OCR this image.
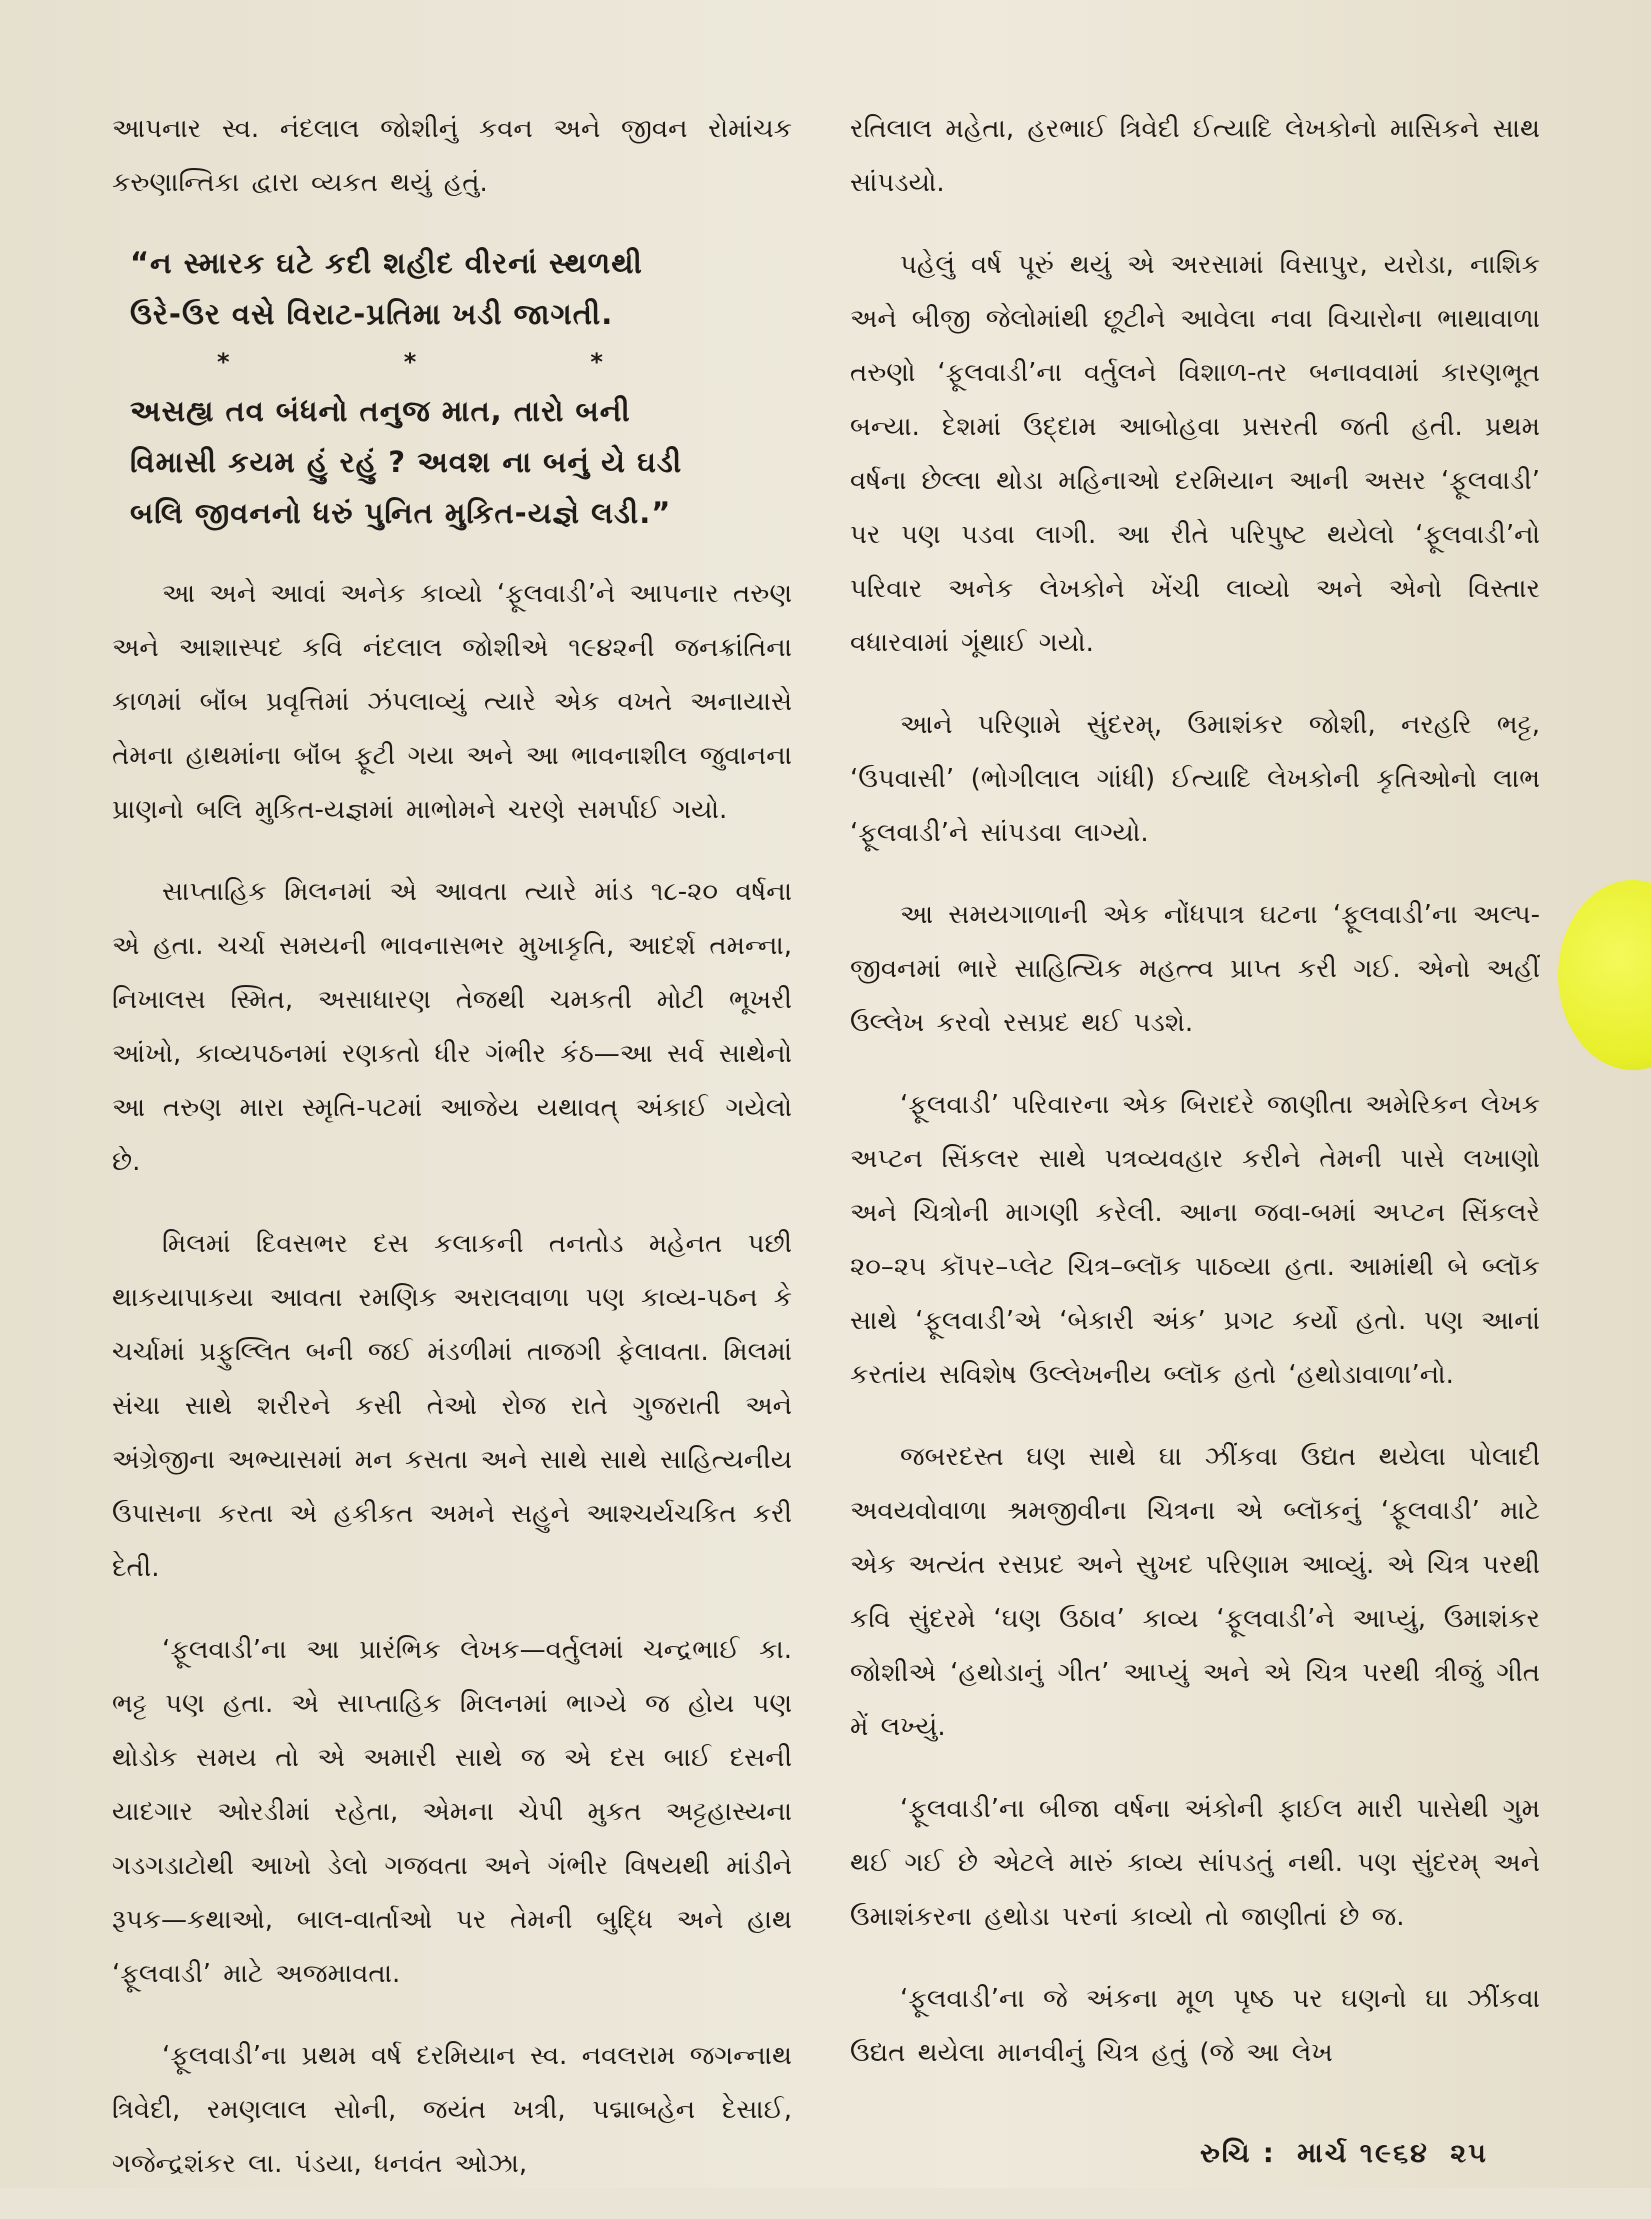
આપનાર સ્વ. નંદલાલ જોશીનું કવન અને જીવન રોમાંચક કરુણાન્તિકા દ્વારા વ્યકત થયું હતું.

“ન સ્મારક ઘટે કદી શહીદ વીરનાં સ્થળથી
ઉરે-ઉર વસે વિરાટ-પ્રતિમા ખડી જાગતી.
*	*	*
અસહ્ય તવ બંધનો તનુજ માત, તારો બની
વિમાસી કયમ હું રહું ? અવશ ના બનું યે ઘડી
બલિ જીવનનો ધરું પુનિત મુકિત-યજ્ઞે લડી.”

આ અને આવાં અનેક કાવ્યો ‘ફૂલવાડી’ને આપનાર તરુણ અને આશાસ્પદ કવિ નંદલાલ જોશીએ ૧૯૪૨ની જનક્રાંતિના કાળમાં બૉંબ પ્રવૃત્તિમાં ઝંપલાવ્યું ત્યારે એક વખતે અનાયાસે તેમના હાથમાંના બૉંબ ફૂટી ગયા અને આ ભાવનાશીલ જુવાનના પ્રાણનો બલિ મુકિત-યજ્ઞમાં માભોમને ચરણે સમર્પાઈ ગયો.

સાપ્તાહિક મિલનમાં એ આવતા ત્યારે માંડ ૧૮-૨૦ વર્ષના એ હતા. ચર્ચા સમયની ભાવનાસભર મુખાકૃતિ, આદર્શ તમન્ના, નિખાલસ સ્મિત, અસાધારણ તેજથી ચમકતી મોટી ભૂખરી આંખો, કાવ્યપઠનમાં રણકતો ધીર ગંભીર કંઠ—આ સર્વ સાથેનો આ તરુણ મારા સ્મૃતિ-પટમાં આજેય યથાવત્ અંકાઈ ગયેલો છે.

મિલમાં દિવસભર દસ કલાકની તનતોડ મહેનત પછી થાકયાપાકયા આવતા રમણિક અરાલવાળા પણ કાવ્ય-પઠન કે ચર્ચામાં પ્રફુલ્લિત બની જઈ મંડળીમાં તાજગી ફેલાવતા. મિલમાં સંચા સાથે શરીરને કસી તેઓ રોજ રાતે ગુજરાતી અને અંગ્રેજીના અભ્યાસમાં મન કસતા અને સાથે સાથે સાહિત્યનીય ઉપાસના કરતા એ હકીકત અમને સહુને આશ્ચર્યચકિત કરી દેતી.

‘ફૂલવાડી’ના આ પ્રારંભિક લેખક—વર્તુલમાં ચન્દ્રભાઈ કા. ભટ્ટ પણ હતા. એ સાપ્તાહિક મિલનમાં ભાગ્યે જ હોય પણ થોડોક સમય તો એ અમારી સાથે જ એ દસ બાઈ દસની યાદગાર ઓરડીમાં રહેતા, એમના ચેપી મુકત અટ્ટહાસ્યના ગડગડાટોથી આખો ડેલો ગજવતા અને ગંભીર વિષયથી માંડીને રૂપક—કથાઓ, બાલ-વાર્તાઓ પર તેમની બુદ્ધિ અને હાથ ‘ફૂલવાડી’ માટે અજમાવતા.

‘ફૂલવાડી’ના પ્રથમ વર્ષ દરમિયાન સ્વ. નવલરામ જગન્નાથ ત્રિવેદી, રમણલાલ સોની, જયંત ખત્રી, પદ્માબહેન દેસાઈ, ગજેન્દ્રશંકર લા. પંડયા, ધનવંત ઓઝા,

રતિલાલ મહેતા, હરભાઈ ત્રિવેદી ઈત્યાદિ લેખકોનો માસિકને સાથ સાંપડયો.

પહેલું વર્ષ પૂરું થયું એ અરસામાં વિસાપુર, યરોડા, નાશિક અને બીજી જેલોમાંથી છૂટીને આવેલા નવા વિચારોના ભાથાવાળા તરુણો ‘ફૂલવાડી’ના વર્તુલને વિશાળ-તર બનાવવામાં કારણભૂત બન્યા. દેશમાં ઉદ્દામ આબોહવા પ્રસરતી જતી હતી. પ્રથમ વર્ષના છેલ્લા થોડા મહિનાઓ દરમિયાન આની અસર ‘ફૂલવાડી’ પર પણ પડવા લાગી. આ રીતે પરિપુષ્ટ થયેલો ‘ફૂલવાડી’નો પરિવાર અનેક લેખકોને ખેંચી લાવ્યો અને એનો વિસ્તાર વધારવામાં ગૂંથાઈ ગયો.

આને પરિણામે સુંદરમ્, ઉમાશંકર જોશી, નરહરિ ભટ્ટ, ‘ઉપવાસી’ (ભોગીલાલ ગાંધી) ઈત્યાદિ લેખકોની કૃતિઓનો લાભ ‘ફૂલવાડી’ને સાંપડવા લાગ્યો.

આ સમયગાળાની એક નોંધપાત્ર ઘટના ‘ફૂલવાડી’ના અલ્પ-જીવનમાં ભારે સાહિત્યિક મહત્ત્વ પ્રાપ્ત કરી ગઈ. એનો અહીં ઉલ્લેખ કરવો રસપ્રદ થઈ પડશે.

‘ફૂલવાડી’ પરિવારના એક બિરાદરે જાણીતા અમેરિકન લેખક અપ્ટન સિંકલર સાથે પત્રવ્યવહાર કરીને તેમની પાસે લખાણો અને ચિત્રોની માગણી કરેલી. આના જવા-બમાં અપ્ટન સિંકલરે ૨૦–૨૫ કૉપર–પ્લેટ ચિત્ર–બ્લૉક પાઠવ્યા હતા. આમાંથી બે બ્લૉક સાથે ‘ફૂલવાડી’એ ‘બેકારી અંક’ પ્રગટ કર્યો હતો. પણ આનાં કરતાંય સવિશેષ ઉલ્લેખનીય બ્લૉક હતો ‘હથોડાવાળા’નો.

જબરદસ્ત ઘણ સાથે ઘા ઝીંકવા ઉદ્યત થયેલા પોલાદી અવયવોવાળા શ્રમજીવીના ચિત્રના એ બ્લૉકનું ‘ફૂલવાડી’ માટે એક અત્યંત રસપ્રદ અને સુખદ પરિણામ આવ્યું. એ ચિત્ર પરથી કવિ સુંદરમે ‘ઘણ ઉઠાવ’ કાવ્ય ‘ફૂલવાડી’ને આપ્યું, ઉમાશંકર જોશીએ ‘હથોડાનું ગીત’ આપ્યું અને એ ચિત્ર પરથી ત્રીજું ગીત મેં લખ્યું.

‘ફૂલવાડી’ના બીજા વર્ષના અંકોની ફાઈલ મારી પાસેથી ગુમ થઈ ગઈ છે એટલે મારું કાવ્ય સાંપડતું નથી. પણ સુંદરમ્ અને ઉમાશંકરના હથોડા પરનાં કાવ્યો તો જાણીતાં છે જ.

‘ફૂલવાડી’ના જે અંકના મૂળ પૃષ્ઠ પર ઘણનો ઘા ઝીંકવા ઉદ્યત થયેલા માનવીનું ચિત્ર હતું (જે આ લેખ

રુચિ : માર્ચ ૧૯૬૪ ૨૫
